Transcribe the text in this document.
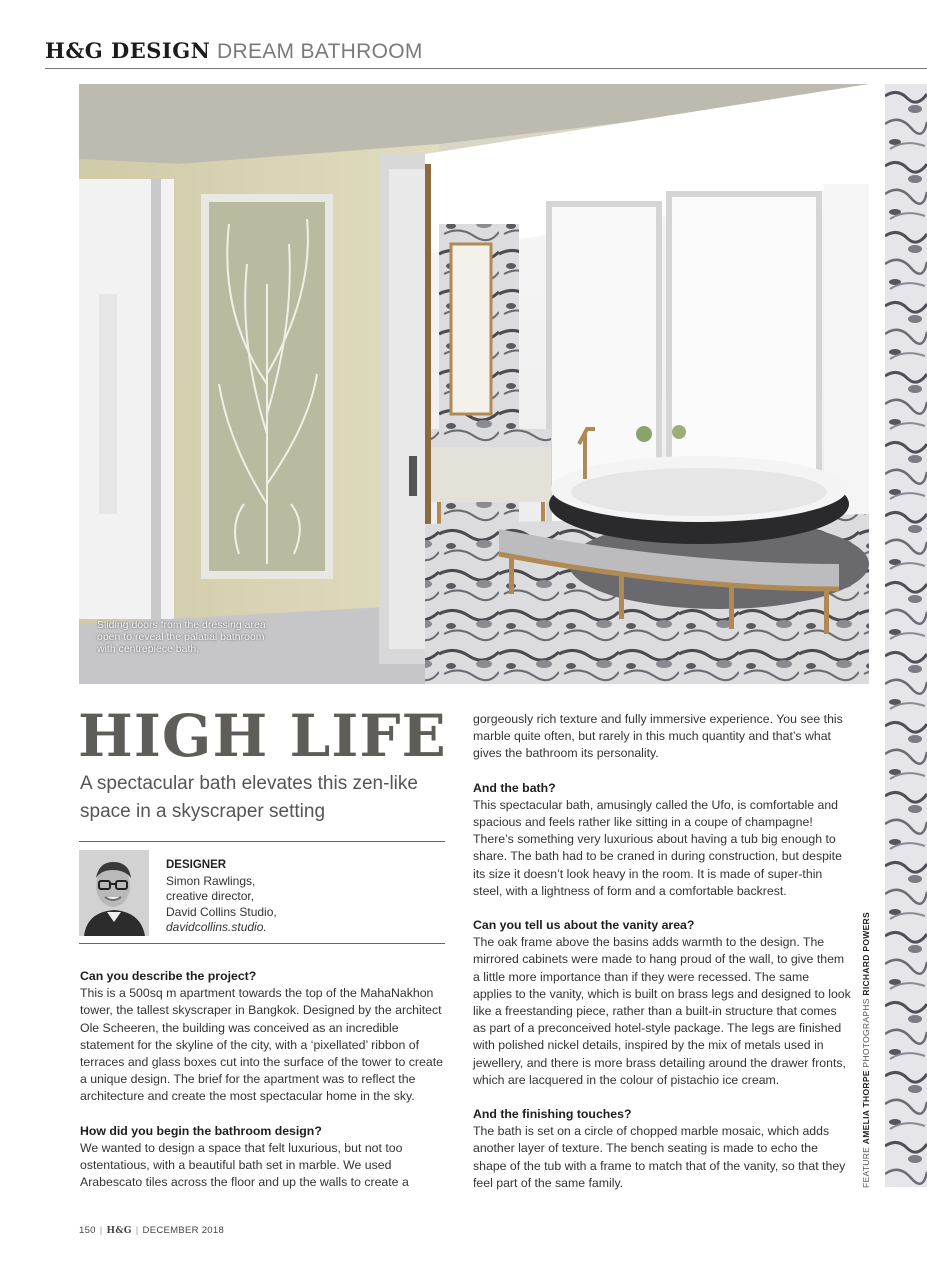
H&G DESIGN DREAM BATHROOM
Sliding doors from the dressing area open to reveal the palatial bathroom with centrepiece bath.
FEATURE AMELIA THORPE PHOTOGRAPHS RICHARD POWERS
HIGH LIFE
A spectacular bath elevates this zen-like space in a skyscraper setting
DESIGNER
Simon Rawlings,
creative director,
David Collins Studio,
davidcollins.studio.
Can you describe the project?

This is a 500sq m apartment towards the top of the MahaNakhon tower, the tallest skyscraper in Bangkok. Designed by the architect Ole Scheeren, the building was conceived as an incredible statement for the skyline of the city, with a ‘pixellated’ ribbon of terraces and glass boxes cut into the surface of the tower to create a unique design. The brief for the apartment was to reflect the architecture and create the most spectacular home in the sky.

How did you begin the bathroom design?

We wanted to design a space that felt luxurious, but not too ostentatious, with a beautiful bath set in marble. We used Arabescato tiles across the floor and up the walls to create a

gorgeously rich texture and fully immersive experience. You see this marble quite often, but rarely in this much quantity and that’s what gives the bathroom its personality.

And the bath?

This spectacular bath, amusingly called the Ufo, is comfortable and spacious and feels rather like sitting in a coupe of champagne! There’s something very luxurious about having a tub big enough to share. The bath had to be craned in during construction, but despite its size it doesn’t look heavy in the room. It is made of super-thin steel, with a lightness of form and a comfortable backrest.

Can you tell us about the vanity area?

The oak frame above the basins adds warmth to the design. The mirrored cabinets were made to hang proud of the wall, to give them a little more importance than if they were recessed. The same applies to the vanity, which is built on brass legs and designed to look like a freestanding piece, rather than a built-in structure that comes as part of a preconceived hotel-style package. The legs are finished with polished nickel details, inspired by the mix of metals used in jewellery, and there is more brass detailing around the drawer fronts, which are lacquered in the colour of pistachio ice cream.

And the finishing touches?

The bath is set on a circle of chopped marble mosaic, which adds another layer of texture. The bench seating is made to echo the shape of the tub with a frame to match that of the vanity, so that they feel part of the same family.

150 | H&G | DECEMBER 2018
